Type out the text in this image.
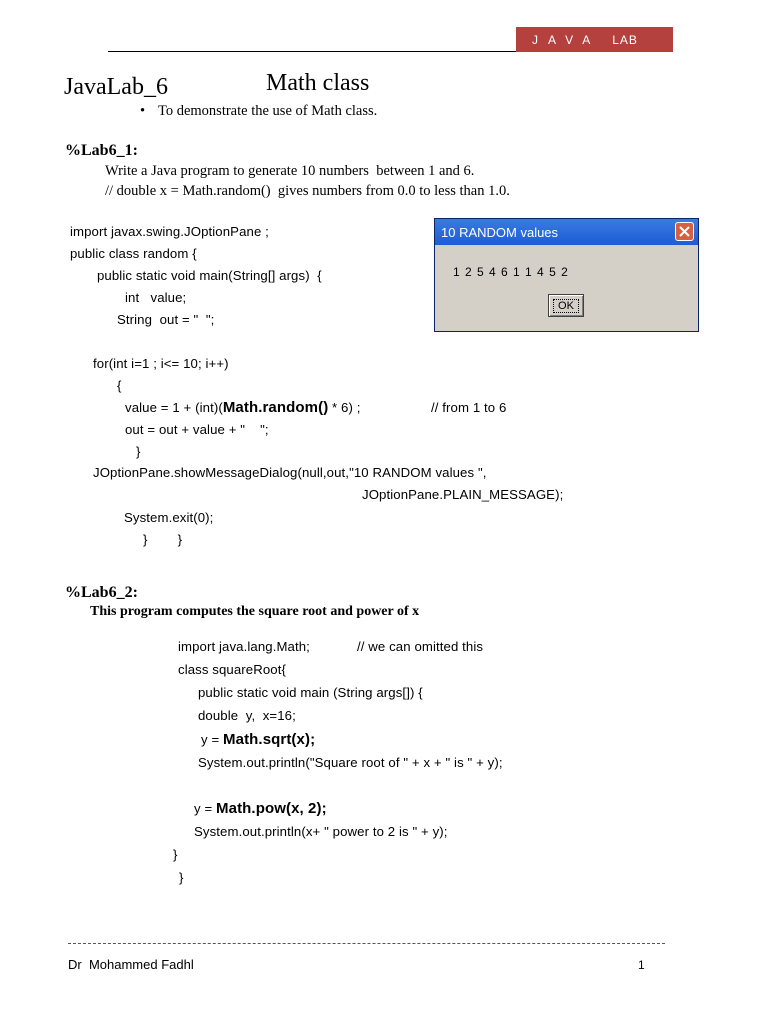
JAVA LAB
JavaLab_6	Math class
• To demonstrate the use of Math class.
%Lab6_1:
Write a Java program to generate 10 numbers  between 1 and 6.
// double x = Math.random()  gives numbers from 0.0 to less than 1.0.
import javax.swing.JOptionPane ;
public class random {
public static void main(String[] args)  {
int   value;
String  out = "  ";
for(int i=1 ; i<= 10; i++)
{
value = 1 + (int)(Math.random() * 6) ;	// from 1 to 6
out = out + value + "    ";
}
JOptionPane.showMessageDialog(null,out,"10 RANDOM values ",
JOptionPane.PLAIN_MESSAGE);
System.exit(0);
}        }

10 RANDOM values

1 2 5 4 6 1 1 4 5 2

OK

%Lab6_2:
This program computes the square root and power of x
import java.lang.Math;	// we can omitted this
class squareRoot{
public static void main (String args[]) {
double  y,  x=16;
y = Math.sqrt(x);
System.out.println("Square root of " + x + " is " + y);
y = Math.pow(x, 2);
System.out.println(x+ " power to 2 is " + y);
}
}
Dr  Mohammed Fadhl	1
